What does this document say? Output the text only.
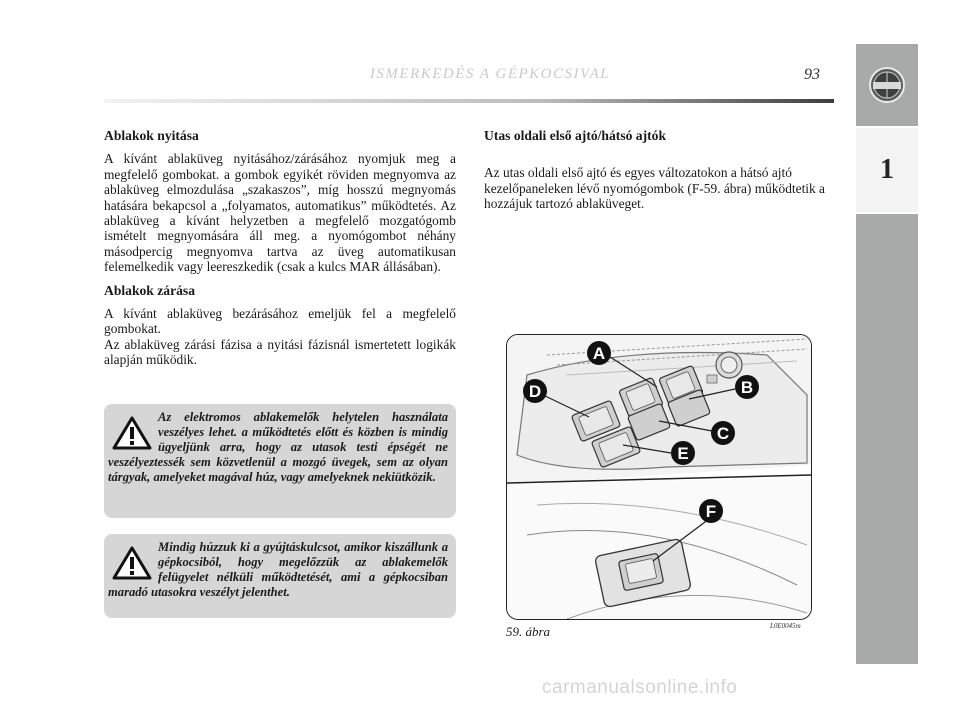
ISMERKEDÉS A GÉPKOCSIVAL	93
1
Ablakok nyitása

A kívánt ablaküveg nyitásához/zárásához nyomjuk meg a megfelelő gombokat. a gombok egyikét röviden megnyomva az ablaküveg elmozdulása „szakaszos”, míg hosszú megnyomás hatására bekapcsol a „folyamatos, automatikus” működtetés. Az ablaküveg a kívánt helyzetben a megfelelő mozgatógomb ismételt megnyomására áll meg. a nyomógombot néhány másodpercig megnyomva tartva az üveg automatikusan felemelkedik vagy leereszkedik (csak a kulcs MAR állásában).

Ablakok zárása

A kívánt ablaküveg bezárásához emeljük fel a megfelelő gombokat.

Az ablaküveg zárási fázisa a nyitási fázisnál ismertetett logikák alapján működik.

Az elektromos ablakemelők helytelen használata veszélyes lehet. a működtetés előtt és közben is mindig ügyeljünk arra, hogy az utasok testi épségét ne veszélyeztessék sem közvetlenül a mozgó üvegek, sem az olyan tárgyak, amelyeket magával húz, vagy amelyeknek nekiütközik.
Mindig húzzuk ki a gyújtáskulcsot, amikor kiszállunk a gépkocsiból, hogy megelőzzük az ablakemelők felügyelet nélküli működtetését, ami a gépkocsiban maradó utasokra veszélyt jelenthet.
Utas oldali első ajtó/hátsó ajtók

Az utas oldali első ajtó és egyes változatokon a hátsó ajtó kezelőpaneleken lévő nyomógombok (F-59. ábra) működtetik a hozzájuk tartozó ablaküveget.

A
B
C
D
E
F
59. ábra	L0E0045m
carmanualsonline.info
